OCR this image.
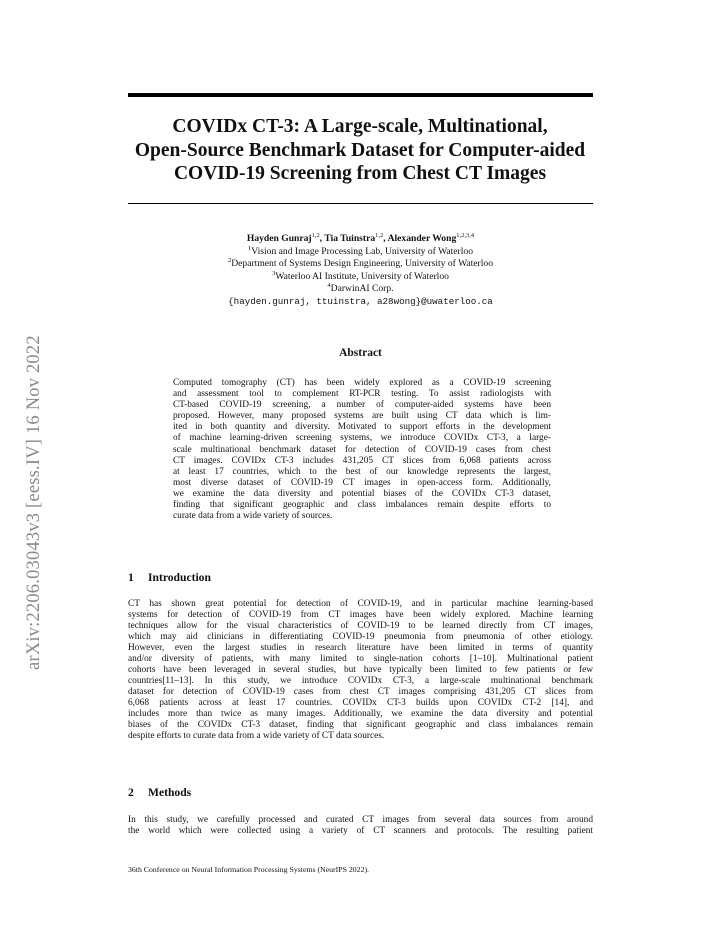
arXiv:2206.03043v3 [eess.IV] 16 Nov 2022
COVIDx CT-3: A Large-scale, Multinational,
Open-Source Benchmark Dataset for Computer-aided
COVID-19 Screening from Chest CT Images
Hayden Gunraj$^{1,2}$, Tia Tuinstra$^{1,2}$, Alexander Wong$^{1,2,3,4}$
$^1$Vision and Image Processing Lab, University of Waterloo
$^2$Department of Systems Design Engineering, University of Waterloo
$^3$Waterloo AI Institute, University of Waterloo
$^4$DarwinAI Corp.
{hayden.gunraj, ttuinstra, a28wong}@uwaterloo.ca
Abstract
Computed tomography (CT) has been widely explored as a COVID-19 screening
and assessment tool to complement RT-PCR testing. To assist radiologists with
CT-based COVID-19 screening, a number of computer-aided systems have been
proposed. However, many proposed systems are built using CT data which is lim-
ited in both quantity and diversity. Motivated to support efforts in the development
of machine learning-driven screening systems, we introduce COVIDx CT-3, a large-
scale multinational benchmark dataset for detection of COVID-19 cases from chest
CT images. COVIDx CT-3 includes 431,205 CT slices from 6,068 patients across
at least 17 countries, which to the best of our knowledge represents the largest,
most diverse dataset of COVID-19 CT images in open-access form. Additionally,
we examine the data diversity and potential biases of the COVIDx CT-3 dataset,
finding that significant geographic and class imbalances remain despite efforts to
curate data from a wide variety of sources.
1 Introduction
CT has shown great potential for detection of COVID-19, and in particular machine learning-based
systems for detection of COVID-19 from CT images have been widely explored. Machine learning
techniques allow for the visual characteristics of COVID-19 to be learned directly from CT images,
which may aid clinicians in differentiating COVID-19 pneumonia from pneumonia of other etiology.
However, even the largest studies in research literature have been limited in terms of quantity
and/or diversity of patients, with many limited to single-nation cohorts [1–10]. Multinational patient
cohorts have been leveraged in several studies, but have typically been limited to few patients or few
countries[11–13]. In this study, we introduce COVIDx CT-3, a large-scale multinational benchmark
dataset for detection of COVID-19 cases from chest CT images comprising 431,205 CT slices from
6,068 patients across at least 17 countries. COVIDx CT-3 builds upon COVIDx CT-2 [14], and
includes more than twice as many images. Additionally, we examine the data diversity and potential
biases of the COVIDx CT-3 dataset, finding that significant geographic and class imbalances remain
despite efforts to curate data from a wide variety of CT data sources.
2 Methods
In this study, we carefully processed and curated CT images from several data sources from around
the world which were collected using a variety of CT scanners and protocols. The resulting patient
36th Conference on Neural Information Processing Systems (NeurIPS 2022).
